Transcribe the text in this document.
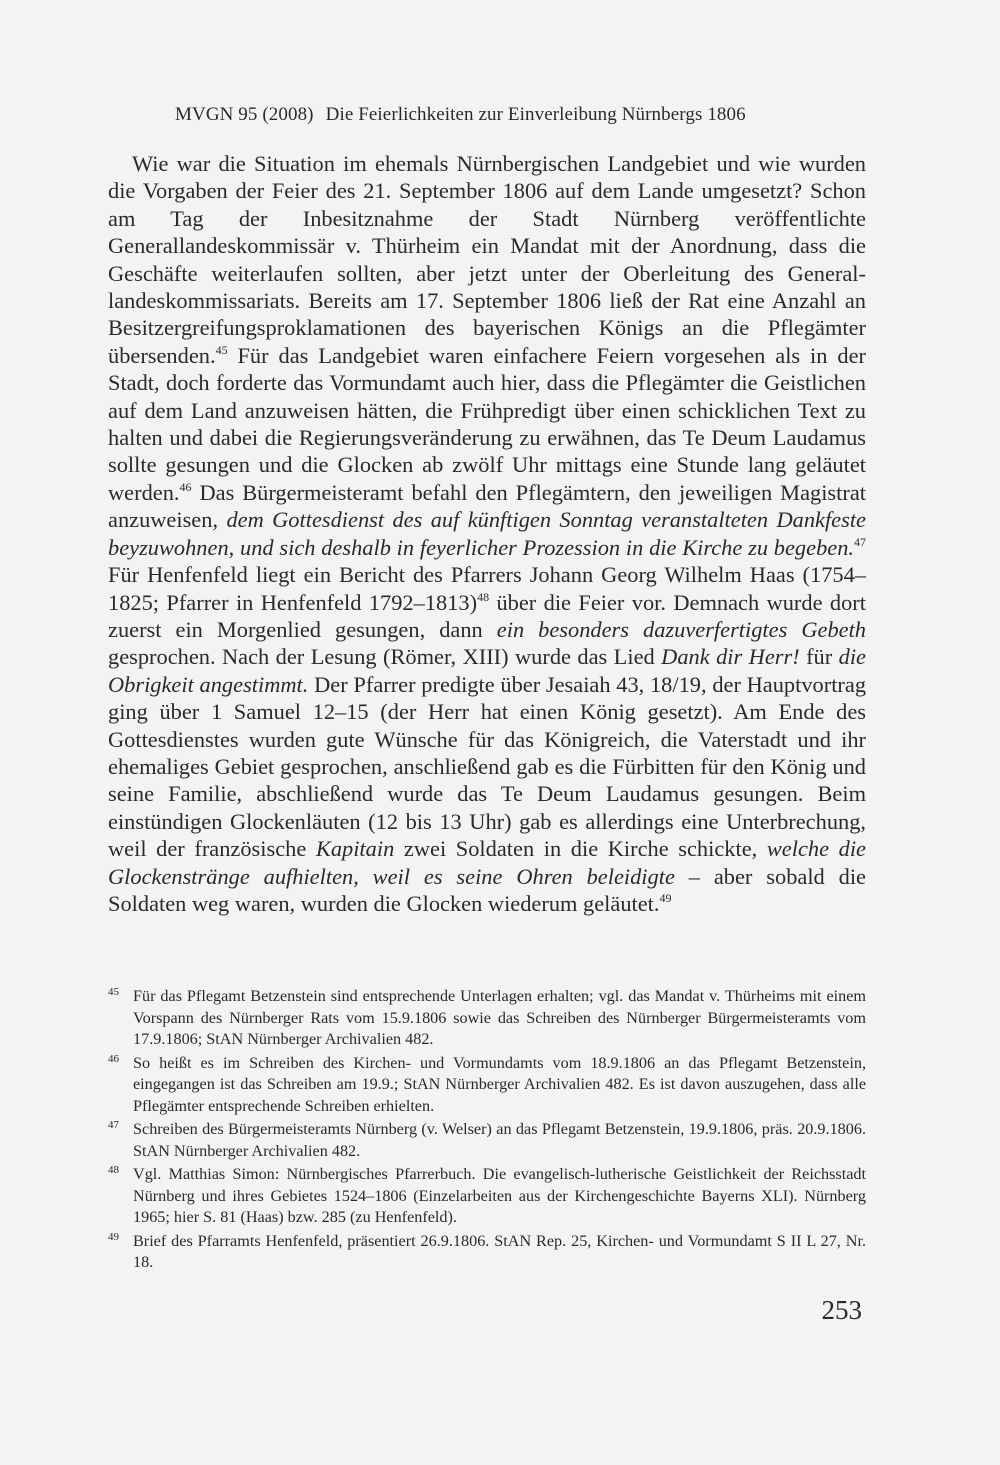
MVGN 95 (2008) Die Feierlichkeiten zur Einverleibung Nürnbergs 1806

Wie war die Situation im ehemals Nürnbergischen Landgebiet und wie wurden die Vorgaben der Feier des 21. September 1806 auf dem Lande umgesetzt? Schon am Tag der Inbesitznahme der Stadt Nürnberg veröffentlichte Generallandeskommissär v. Thürheim ein Mandat mit der Anordnung, dass die Geschäfte weiterlaufen sollten, aber jetzt unter der Oberleitung des Generallandeskommissariats. Bereits am 17. September 1806 ließ der Rat eine Anzahl an Besitzergreifungsproklamationen des bayerischen Königs an die Pflegämter übersenden.$^{45}$ Für das Landgebiet waren einfachere Feiern vorgesehen als in der Stadt, doch forderte das Vormundamt auch hier, dass die Pflegämter die Geistlichen auf dem Land anzuweisen hätten, die Frühpredigt über einen schicklichen Text zu halten und dabei die Regierungsveränderung zu erwähnen, das Te Deum Laudamus sollte gesungen und die Glocken ab zwölf Uhr mittags eine Stunde lang geläutet werden.$^{46}$ Das Bürgermeisteramt befahl den Pflegämtern, den jeweiligen Magistrat anzuweisen, dem Gottesdienst des auf künftigen Sonntag veranstalteten Dankfeste beyzuwohnen, und sich deshalb in feyerlicher Prozession in die Kirche zu begeben.$^{47}$ Für Henfenfeld liegt ein Bericht des Pfarrers Johann Georg Wilhelm Haas (1754–1825; Pfarrer in Henfenfeld 1792–1813)$^{48}$ über die Feier vor. Demnach wurde dort zuerst ein Morgenlied gesungen, dann ein besonders dazuverfertigtes Gebeth gesprochen. Nach der Lesung (Römer, XIII) wurde das Lied Dank dir Herr! für die Obrigkeit angestimmt. Der Pfarrer predigte über Jesaiah 43, 18/19, der Hauptvortrag ging über 1 Samuel 12–15 (der Herr hat einen König gesetzt). Am Ende des Gottesdienstes wurden gute Wünsche für das Königreich, die Vaterstadt und ihr ehemaliges Gebiet gesprochen, anschließend gab es die Fürbitten für den König und seine Familie, abschließend wurde das Te Deum Laudamus gesungen. Beim einstündigen Glockenläuten (12 bis 13 Uhr) gab es allerdings eine Unterbrechung, weil der französische Kapitain zwei Soldaten in die Kirche schickte, welche die Glockenstränge aufhielten, weil es seine Ohren beleidigte – aber sobald die Soldaten weg waren, wurden die Glocken wiederum geläutet.$^{49}$

45 Für das Pflegamt Betzenstein sind entsprechende Unterlagen erhalten; vgl. das Mandat v. Thürheims mit einem Vorspann des Nürnberger Rats vom 15.9.1806 sowie das Schreiben des Nürnberger Bürgermeisteramts vom 17.9.1806; StAN Nürnberger Archivalien 482.
46 So heißt es im Schreiben des Kirchen- und Vormundamts vom 18.9.1806 an das Pflegamt Betzenstein, eingegangen ist das Schreiben am 19.9.; StAN Nürnberger Archivalien 482. Es ist davon auszugehen, dass alle Pflegämter entsprechende Schreiben erhielten.
47 Schreiben des Bürgermeisteramts Nürnberg (v. Welser) an das Pflegamt Betzenstein, 19.9.1806, präs. 20.9.1806. StAN Nürnberger Archivalien 482.
48 Vgl. Matthias Simon: Nürnbergisches Pfarrerbuch. Die evangelisch-lutherische Geistlichkeit der Reichsstadt Nürnberg und ihres Gebietes 1524–1806 (Einzelarbeiten aus der Kirchengeschichte Bayerns XLI). Nürnberg 1965; hier S. 81 (Haas) bzw. 285 (zu Henfenfeld).
49 Brief des Pfarramts Henfenfeld, präsentiert 26.9.1806. StAN Rep. 25, Kirchen- und Vormundamt S II L 27, Nr. 18.
253
